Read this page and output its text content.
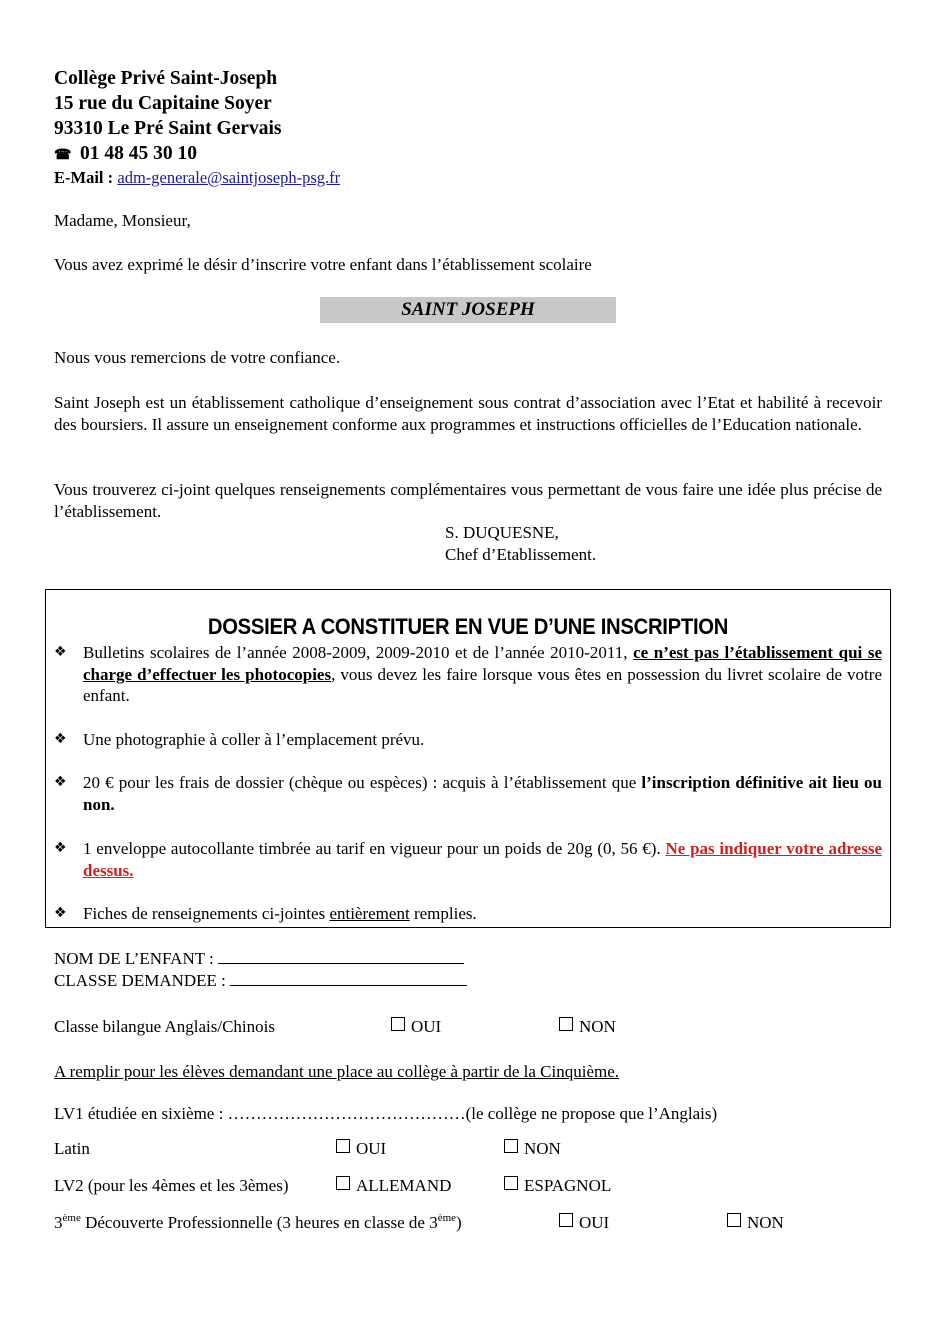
Collège Privé Saint-Joseph
15 rue du Capitaine Soyer
93310 Le Pré Saint Gervais
☎ 01 48 45 30 10
E-Mail : adm-generale@saintjoseph-psg.fr
Madame, Monsieur,
Vous avez exprimé le désir d’inscrire votre enfant dans l’établissement scolaire
SAINT JOSEPH
Nous vous remercions de votre confiance.
Saint Joseph est un établissement catholique d’enseignement sous contrat d’association avec l’Etat et habilité à recevoir des boursiers. Il assure un enseignement conforme aux programmes et instructions officielles de l’Education nationale.
Vous trouverez ci-joint quelques renseignements complémentaires vous permettant de vous faire une idée plus précise de l’établissement.
S. DUQUESNE,
Chef d’Etablissement.
DOSSIER A CONSTITUER EN VUE D’UNE INSCRIPTION
❖ Bulletins scolaires de l’année 2008-2009, 2009-2010 et de l’année 2010-2011, ce n’est pas l’établissement qui se charge d’effectuer les photocopies, vous devez les faire lorsque vous êtes en possession du livret scolaire de votre enfant.
❖ Une photographie à coller à l’emplacement prévu.
❖ 20 € pour les frais de dossier (chèque ou espèces) : acquis à l’établissement que l’inscription définitive ait lieu ou non.
❖ 1 enveloppe autocollante timbrée au tarif en vigueur pour un poids de 20g (0, 56 €). Ne pas indiquer votre adresse dessus.
❖ Fiches de renseignements ci-jointes entièrement remplies.
NOM DE L’ENFANT :
CLASSE DEMANDEE :
Classe bilangue Anglais/Chinois	OUI	NON
A remplir pour les élèves demandant une place au collège à partir de la Cinquième.
LV1 étudiée en sixième : ……………………………………(le collège ne propose que l’Anglais)
Latin	OUI	NON
LV2 (pour les 4èmes et les 3èmes)	ALLEMAND	ESPAGNOL
3ème Découverte Professionnelle (3 heures en classe de 3ème)	OUI	NON
